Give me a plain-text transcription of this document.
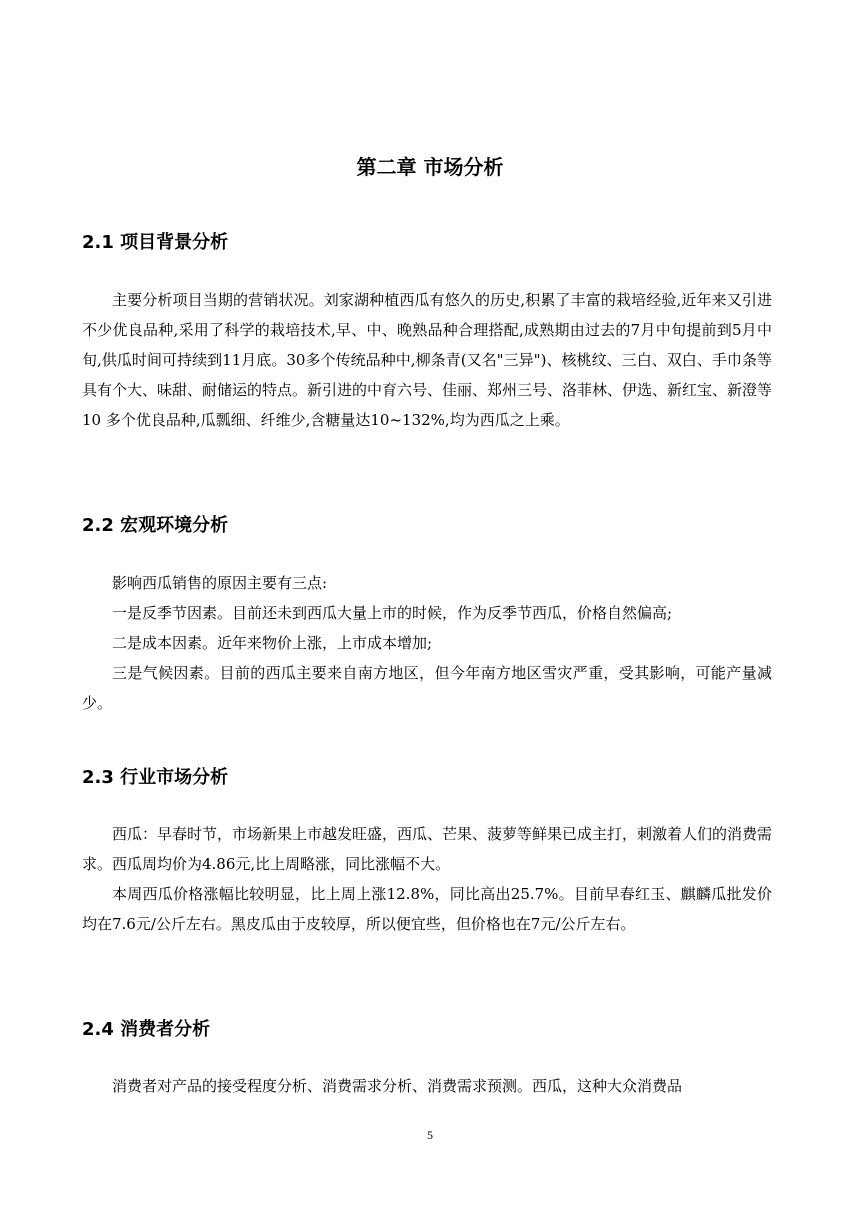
第二章 市场分析
2.1 项目背景分析

主要分析项目当期的营销状况。刘家湖种植西瓜有悠久的历史,积累了丰富的栽培经验,近年来又引进不少优良品种,采用了科学的栽培技术,早、中、晚熟品种合理搭配,成熟期由过去的7月中旬提前到5月中旬,供瓜时间可持续到11月底。30多个传统品种中,柳条青(又名"三异")、核桃纹、三白、双白、手巾条等具有个大、味甜、耐储运的特点。新引进的中育六号、佳丽、郑州三号、洛菲林、伊选、新红宝、新澄等 10 多个优良品种,瓜瓢细、纤维少,含糖量达10~132%,均为西瓜之上乘。

2.2 宏观环境分析

影响西瓜销售的原因主要有三点:

一是反季节因素。目前还未到西瓜大量上市的时候，作为反季节西瓜，价格自然偏高;

二是成本因素。近年来物价上涨，上市成本增加;

三是气候因素。目前的西瓜主要来自南方地区，但今年南方地区雪灾严重，受其影响，可能产量减少。

2.3 行业市场分析

西瓜：早春时节，市场新果上市越发旺盛，西瓜、芒果、菠萝等鲜果已成主打，刺激着人们的消费需求。西瓜周均价为4.86元,比上周略涨，同比涨幅不大。

本周西瓜价格涨幅比较明显，比上周上涨12.8%，同比高出25.7%。目前早春红玉、麒麟瓜批发价均在7.6元/公斤左右。黑皮瓜由于皮较厚，所以便宜些，但价格也在7元/公斤左右。

2.4 消费者分析

消费者对产品的接受程度分析、消费需求分析、消费需求预测。西瓜，这种大众消费品

5
